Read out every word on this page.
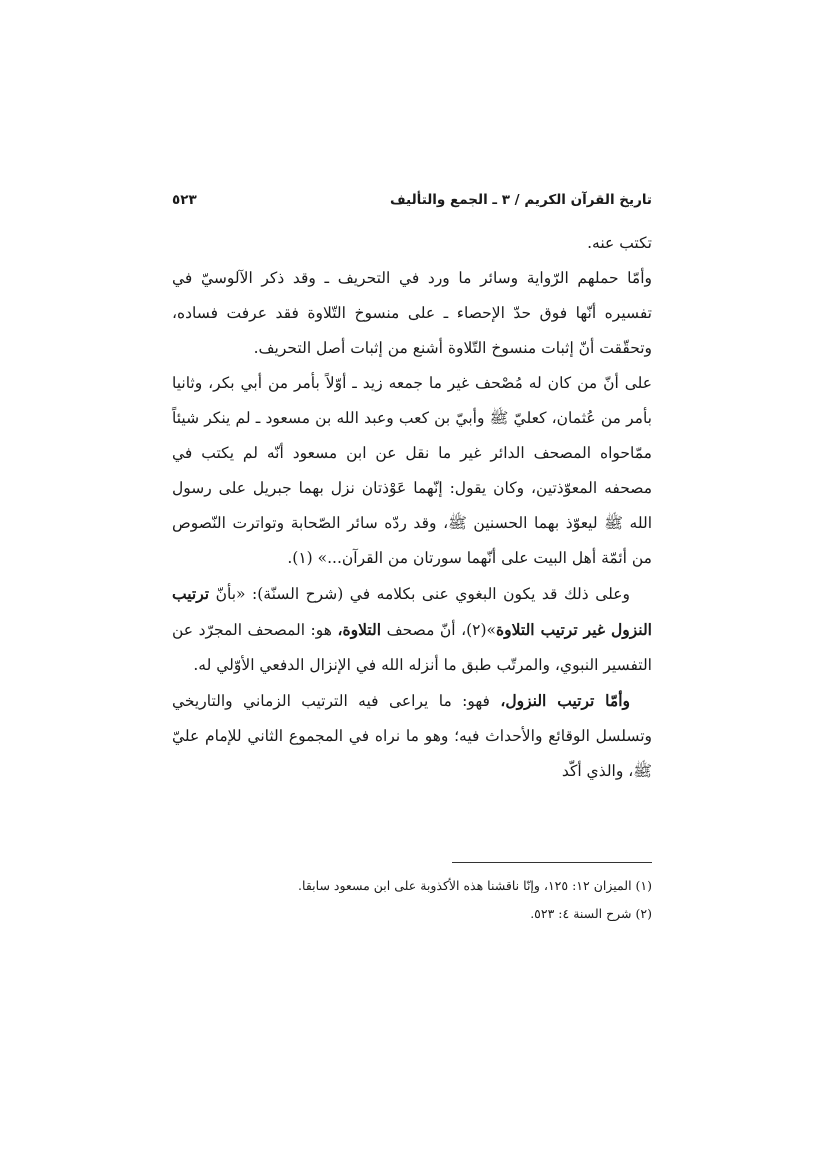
تاريخ القرآن الكريم / ٣ ـ الجمع والتأليف
٥٢٣

تكتب عنه.

وأمّا حملهم الرّواية وسائر ما ورد في التحريف ـ وقد ذكر الآلوسيّ في تفسيره أنّها فوق حدّ الإحصاء ـ على منسوخ التّلاوة فقد عرفت فساده، وتحقّقت أنّ إثبات منسوخ التّلاوة أشنع من إثبات أصل التحريف.

على أنّ من كان له مُصْحف غير ما جمعه زيد ـ أوّلاً بأمر من أبي بكر، وثانيا بأمر من عُثمان، كعليّ ﷺ وأبيّ بن كعب وعبد الله بن مسعود ـ لم ينكر شيئاً ممّاحواه المصحف الدائر غير ما نقل عن ابن مسعود أنّه لم يكتب في مصحفه المعوّذتين، وكان يقول: إنّهما عَوْذتان نزل بهما جبريل على رسول الله ﷺ ليعوّذ بهما الحسنين ﷺ، وقد ردّه سائر الصّحابة وتواترت النّصوص من أئمّة أهل البيت على أنّهما سورتان من القرآن...» (١).

وعلى ذلك قد يكون البغوي عنى بكلامه في (شرح السنّة): «بأنّ ترتيب النزول غير ترتيب التلاوة»(٢)، أنّ مصحف التلاوة، هو: المصحف المجرّد عن التفسير النبوي، والمرتّب طبق ما أنزله الله في الإنزال الدفعي الأوّلي له.

وأمّا ترتيب النزول، فهو: ما يراعى فيه الترتيب الزماني والتاريخي وتسلسل الوقائع والأحداث فيه؛ وهو ما نراه في المجموع الثاني للإمام عليّ ﷺ، والذي أكّد

(١) الميزان ١٢: ١٢٥، وإنّا ناقشنا هذه الأكذوبة على ابن مسعود سابقا.

(٢) شرح السنة ٤: ٥٢٣.
